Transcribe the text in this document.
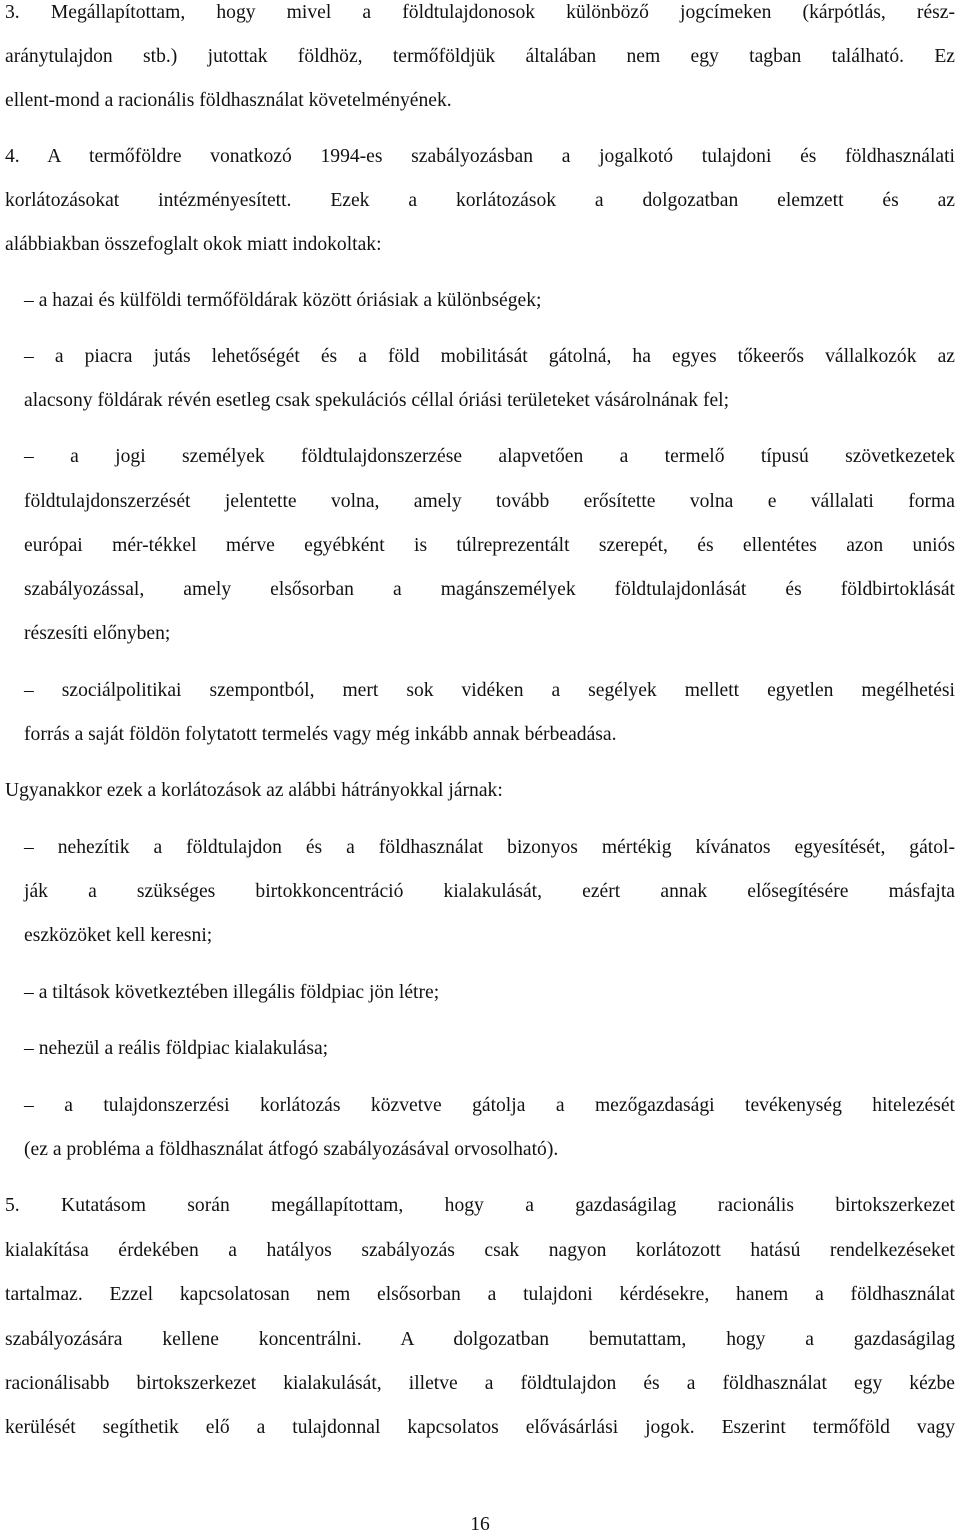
3. Megállapítottam, hogy mivel a földtulajdonosok különböző jogcímeken (kárpótlás, rész-
aránytulajdon stb.) jutottak földhöz, termőföldjük általában nem egy tagban található. Ez
ellent-mond a racionális földhasználat követelményének.
4. A termőföldre vonatkozó 1994-es szabályozásban a jogalkotó tulajdoni és földhasználati
korlátozásokat intézményesített. Ezek a korlátozások a dolgozatban elemzett és az
alábbiakban összefoglalt okok miatt indokoltak:
– a hazai és külföldi termőföldárak között óriásiak a különbségek;
– a piacra jutás lehetőségét és a föld mobilitását gátolná, ha egyes tőkeerős vállalkozók az
alacsony földárak révén esetleg csak spekulációs céllal óriási területeket vásárolnának fel;
– a jogi személyek földtulajdonszerzése alapvetően a termelő típusú szövetkezetek
földtulajdonszerzését jelentette volna, amely tovább erősítette volna e vállalati forma
európai mér-tékkel mérve egyébként is túlreprezentált szerepét, és ellentétes azon uniós
szabályozással, amely elsősorban a magánszemélyek földtulajdonlását és földbirtoklását
részesíti előnyben;
– szociálpolitikai szempontból, mert sok vidéken a segélyek mellett egyetlen megélhetési
forrás a saját földön folytatott termelés vagy még inkább annak bérbeadása.
Ugyanakkor ezek a korlátozások az alábbi hátrányokkal járnak:
– nehezítik a földtulajdon és a földhasználat bizonyos mértékig kívánatos egyesítését, gátol-
ják a szükséges birtokkoncentráció kialakulását, ezért annak elősegítésére másfajta
eszközöket kell keresni;
– a tiltások következtében illegális földpiac jön létre;
– nehezül a reális földpiac kialakulása;
– a tulajdonszerzési korlátozás közvetve gátolja a mezőgazdasági tevékenység hitelezését
(ez a probléma a földhasználat átfogó szabályozásával orvosolható).
5. Kutatásom során megállapítottam, hogy a gazdaságilag racionális birtokszerkezet
kialakítása érdekében a hatályos szabályozás csak nagyon korlátozott hatású rendelkezéseket
tartalmaz. Ezzel kapcsolatosan nem elsősorban a tulajdoni kérdésekre, hanem a földhasználat
szabályozására kellene koncentrálni. A dolgozatban bemutattam, hogy a gazdaságilag
racionálisabb birtokszerkezet kialakulását, illetve a földtulajdon és a földhasználat egy kézbe
kerülését segíthetik elő a tulajdonnal kapcsolatos elővásárlási jogok. Eszerint termőföld vagy
16
